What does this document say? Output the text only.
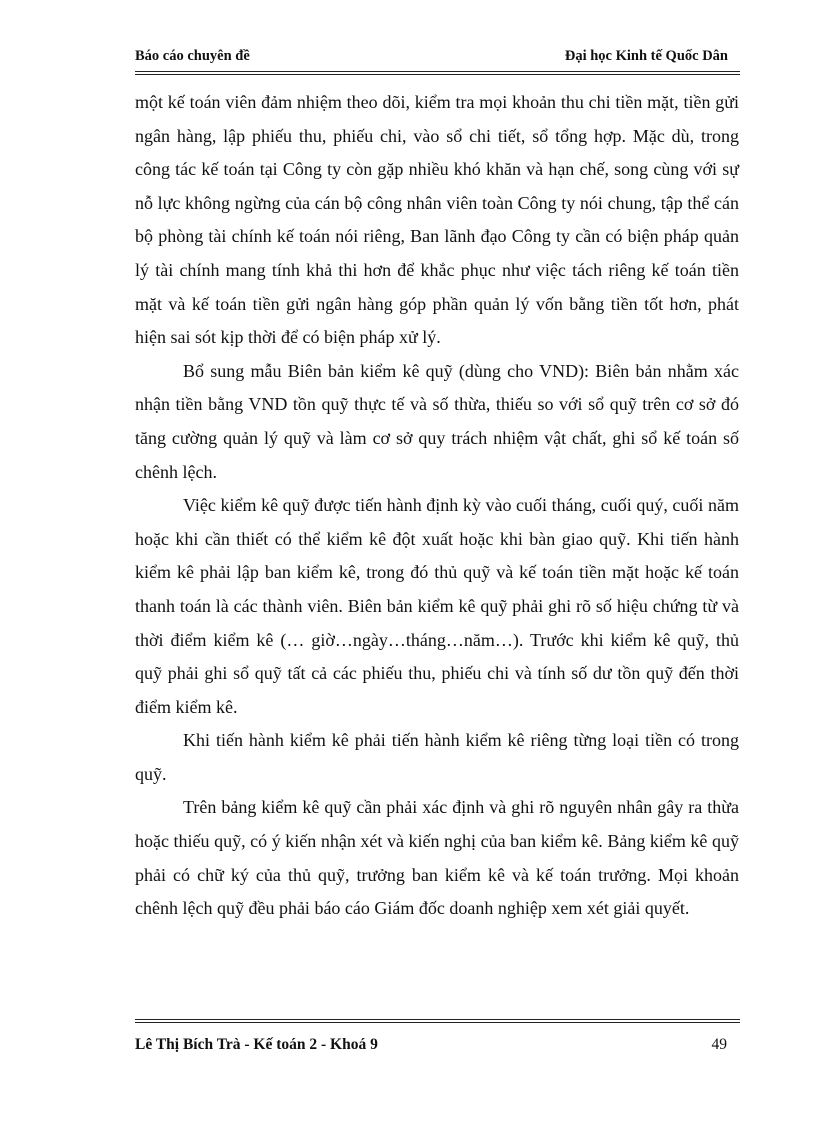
Báo cáo chuyên đề	Đại học Kinh tế Quốc Dân

một kế toán viên đảm nhiệm theo dõi, kiểm tra mọi khoản thu chi tiền mặt, tiền gửi ngân hàng, lập phiếu thu, phiếu chi, vào sổ chi tiết, sổ tổng hợp. Mặc dù, trong công tác kế toán tại Công ty còn gặp nhiều khó khăn và hạn chế, song cùng với sự nỗ lực không ngừng của cán bộ công nhân viên toàn Công ty nói chung, tập thể cán bộ phòng tài chính kế toán nói riêng, Ban lãnh đạo Công ty cần có biện pháp quản lý tài chính mang tính khả thi hơn để khắc phục như việc tách riêng kế toán tiền mặt và kế toán tiền gửi ngân hàng góp phần quản lý vốn bằng tiền tốt hơn, phát hiện sai sót kịp thời để có biện pháp xử lý.

Bổ sung mẫu Biên bản kiểm kê quỹ (dùng cho VND): Biên bản nhằm xác nhận tiền bằng VND tồn quỹ thực tế và số thừa, thiếu so với sổ quỹ trên cơ sở đó tăng cường quản lý quỹ và làm cơ sở quy trách nhiệm vật chất, ghi sổ kế toán số chênh lệch.

Việc kiểm kê quỹ được tiến hành định kỳ vào cuối tháng, cuối quý, cuối năm hoặc khi cần thiết có thể kiểm kê đột xuất hoặc khi bàn giao quỹ. Khi tiến hành kiểm kê phải lập ban kiểm kê, trong đó thủ quỹ và kế toán tiền mặt hoặc kế toán thanh toán là các thành viên. Biên bản kiểm kê quỹ phải ghi rõ số hiệu chứng từ và thời điểm kiểm kê (… giờ…ngày…tháng…năm…). Trước khi kiểm kê quỹ, thủ quỹ phải ghi sổ quỹ tất cả các phiếu thu, phiếu chi và tính số dư tồn quỹ đến thời điểm kiểm kê.

Khi tiến hành kiểm kê phải tiến hành kiểm kê riêng từng loại tiền có trong quỹ.

Trên bảng kiểm kê quỹ cần phải xác định và ghi rõ nguyên nhân gây ra thừa hoặc thiếu quỹ, có ý kiến nhận xét và kiến nghị của ban kiểm kê. Bảng kiểm kê quỹ phải có chữ ký của thủ quỹ, trưởng ban kiểm kê và kế toán trưởng. Mọi khoản chênh lệch quỹ đều phải báo cáo Giám đốc doanh nghiệp xem xét giải quyết.

Lê Thị Bích Trà - Kế toán 2 - Khoá 9	49
